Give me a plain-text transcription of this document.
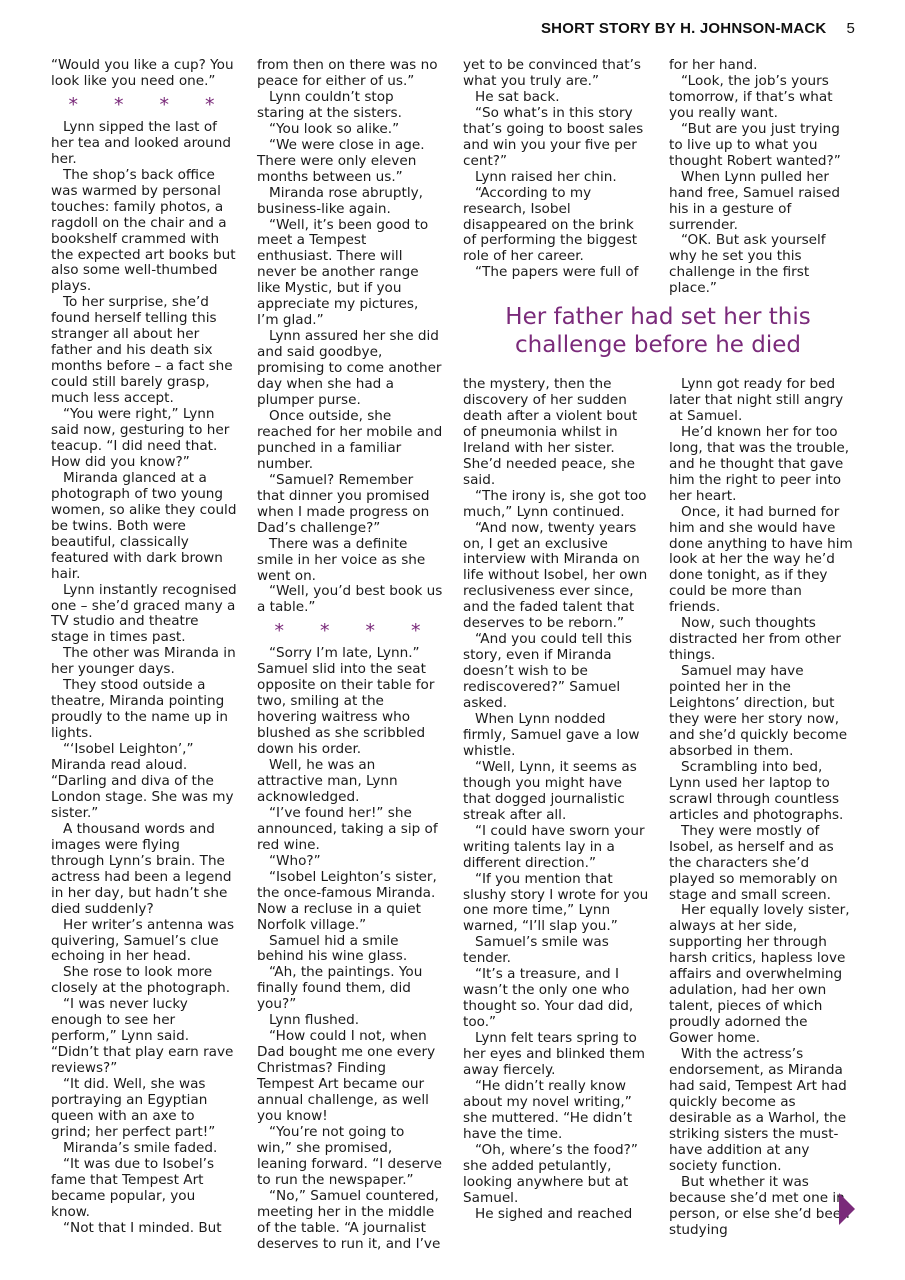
SHORT STORY BY H. JOHNSON-MACK 5

“Would you like a cup? You look like you need one.”

* * * *

Lynn sipped the last of her tea and looked around her.

The shop’s back office was warmed by personal touches: family photos, a ragdoll on the chair and a bookshelf crammed with the expected art books but also some well-thumbed plays.

To her surprise, she’d found herself telling this stranger all about her father and his death six months before – a fact she could still barely grasp, much less accept.

“You were right,” Lynn said now, gesturing to her teacup. “I did need that. How did you know?”

Miranda glanced at a photograph of two young women, so alike they could be twins. Both were beautiful, classically featured with dark brown hair.

Lynn instantly recognised one – she’d graced many a TV studio and theatre stage in times past.

The other was Miranda in her younger days.

They stood outside a theatre, Miranda pointing proudly to the name up in lights.

“‘Isobel Leighton’,” Miranda read aloud. “Darling and diva of the London stage. She was my sister.”

A thousand words and images were flying through Lynn’s brain. The actress had been a legend in her day, but hadn’t she died suddenly?

Her writer’s antenna was quivering, Samuel’s clue echoing in her head.

She rose to look more closely at the photograph.

“I was never lucky enough to see her perform,” Lynn said. “Didn’t that play earn rave reviews?”

“It did. Well, she was portraying an Egyptian queen with an axe to grind; her perfect part!”

Miranda’s smile faded.

“It was due to Isobel’s fame that Tempest Art became popular, you know.

“Not that I minded. But

from then on there was no peace for either of us.”

Lynn couldn’t stop staring at the sisters.

“You look so alike.”

“We were close in age. There were only eleven months between us.”

Miranda rose abruptly, business-like again.

“Well, it’s been good to meet a Tempest enthusiast. There will never be another range like Mystic, but if you appreciate my pictures, I’m glad.”

Lynn assured her she did and said goodbye, promising to come another day when she had a plumper purse.

Once outside, she reached for her mobile and punched in a familiar number.

“Samuel? Remember that dinner you promised when I made progress on Dad’s challenge?”

There was a definite smile in her voice as she went on.

“Well, you’d best book us a table.”

* * * *

“Sorry I’m late, Lynn.” Samuel slid into the seat opposite on their table for two, smiling at the hovering waitress who blushed as she scribbled down his order.

Well, he was an attractive man, Lynn acknowledged.

“I’ve found her!” she announced, taking a sip of red wine.

“Who?”

“Isobel Leighton’s sister, the once-famous Miranda. Now a recluse in a quiet Norfolk village.”

Samuel hid a smile behind his wine glass.

“Ah, the paintings. You finally found them, did you?”

Lynn flushed.

“How could I not, when Dad bought me one every Christmas? Finding Tempest Art became our annual challenge, as well you know!

“You’re not going to win,” she promised, leaning forward. “I deserve to run the newspaper.”

“No,” Samuel countered, meeting her in the middle of the table. “A journalist deserves to run it, and I’ve

yet to be convinced that’s what you truly are.”

He sat back.

“So what’s in this story that’s going to boost sales and win you your five per cent?”

Lynn raised her chin.

“According to my research, Isobel disappeared on the brink of performing the biggest role of her career.

“The papers were full of

for her hand.

“Look, the job’s yours tomorrow, if that’s what you really want.

“But are you just trying to live up to what you thought Robert wanted?”

When Lynn pulled her hand free, Samuel raised his in a gesture of surrender.

“OK. But ask yourself why he set you this challenge in the first place.”

Her father had set her this challenge before he died

the mystery, then the discovery of her sudden death after a violent bout of pneumonia whilst in Ireland with her sister. She’d needed peace, she said.

“The irony is, she got too much,” Lynn continued.

“And now, twenty years on, I get an exclusive interview with Miranda on life without Isobel, her own reclusiveness ever since, and the faded talent that deserves to be reborn.”

“And you could tell this story, even if Miranda doesn’t wish to be rediscovered?” Samuel asked.

When Lynn nodded firmly, Samuel gave a low whistle.

“Well, Lynn, it seems as though you might have that dogged journalistic streak after all.

“I could have sworn your writing talents lay in a different direction.”

“If you mention that slushy story I wrote for you one more time,” Lynn warned, “I’ll slap you.”

Samuel’s smile was tender.

“It’s a treasure, and I wasn’t the only one who thought so. Your dad did, too.”

Lynn felt tears spring to her eyes and blinked them away fiercely.

“He didn’t really know about my novel writing,” she muttered. “He didn’t have the time.

“Oh, where’s the food?” she added petulantly, looking anywhere but at Samuel.

He sighed and reached

Lynn got ready for bed later that night still angry at Samuel.

He’d known her for too long, that was the trouble, and he thought that gave him the right to peer into her heart.

Once, it had burned for him and she would have done anything to have him look at her the way he’d done tonight, as if they could be more than friends.

Now, such thoughts distracted her from other things.

Samuel may have pointed her in the Leightons’ direction, but they were her story now, and she’d quickly become absorbed in them.

Scrambling into bed, Lynn used her laptop to scrawl through countless articles and photographs.

They were mostly of Isobel, as herself and as the characters she’d played so memorably on stage and small screen.

Her equally lovely sister, always at her side, supporting her through harsh critics, hapless love affairs and overwhelming adulation, had her own talent, pieces of which proudly adorned the Gower home.

With the actress’s endorsement, as Miranda had said, Tempest Art had quickly become as desirable as a Warhol, the striking sisters the must-have addition at any society function.

But whether it was because she’d met one in person, or else she’d been studying
